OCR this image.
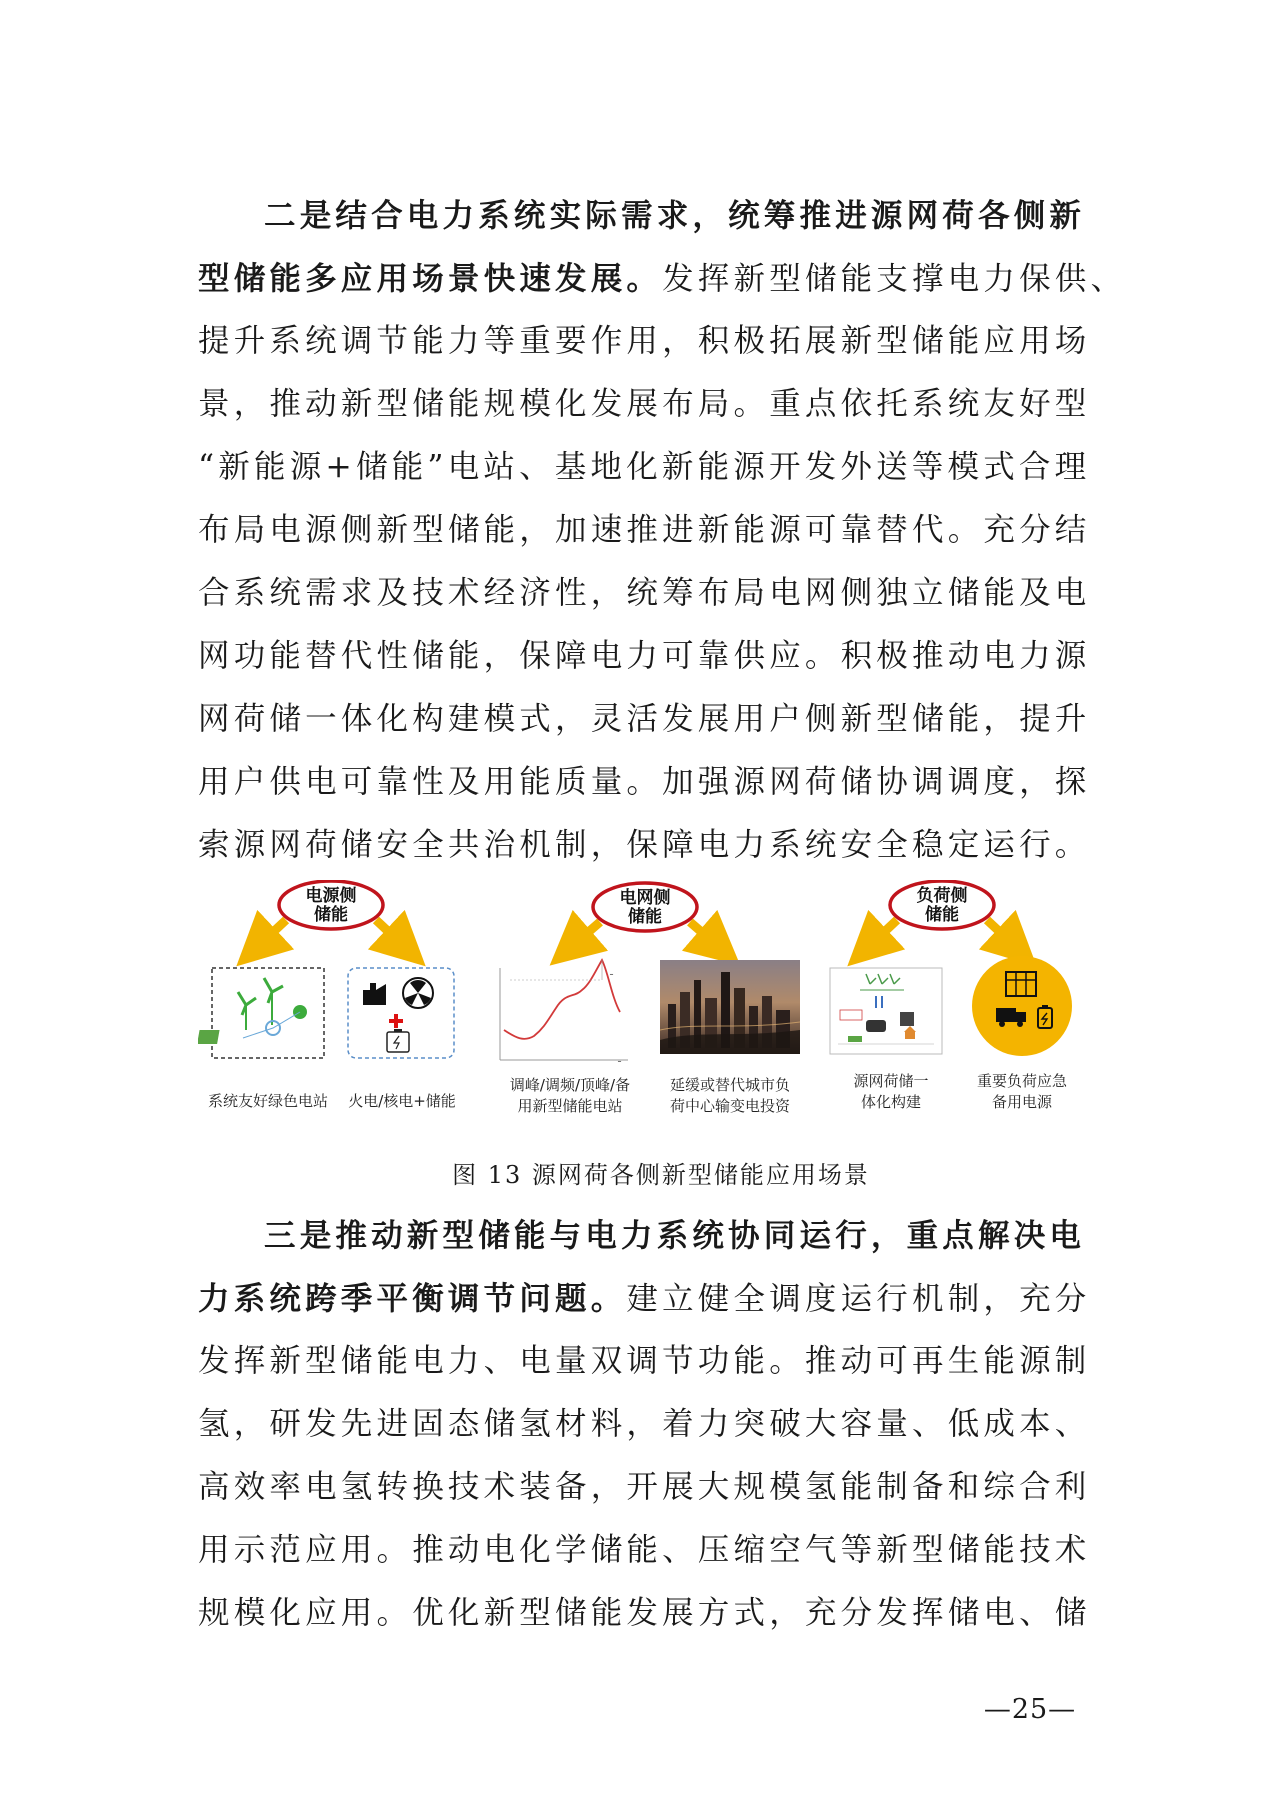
二是结合电力系统实际需求，统筹推进源网荷各侧新
型储能多应用场景快速发展。发挥新型储能支撑电力保供、
提升系统调节能力等重要作用，积极拓展新型储能应用场
景，推动新型储能规模化发展布局。重点依托系统友好型
“新能源+储能”电站、基地化新能源开发外送等模式合理
布局电源侧新型储能，加速推进新能源可靠替代。充分结
合系统需求及技术经济性，统筹布局电网侧独立储能及电
网功能替代性储能，保障电力可靠供应。积极推动电力源
网荷储一体化构建模式，灵活发展用户侧新型储能，提升
用户供电可靠性及用能质量。加强源网荷储协调调度，探
索源网荷储安全共治机制，保障电力系统安全稳定运行。
电源侧
储能
系统友好绿色电站 火电/核电+储能
电网侧
储能
━
━
调峰/调频/顶峰/备
用新型储能电站
延缓或替代城市负
荷中心输变电投资
负荷侧
储能
源网荷储一
体化构建
重要负荷应急
备用电源
图 13 源网荷各侧新型储能应用场景
三是推动新型储能与电力系统协同运行，重点解决电
力系统跨季平衡调节问题。建立健全调度运行机制，充分
发挥新型储能电力、电量双调节功能。推动可再生能源制
氢，研发先进固态储氢材料，着力突破大容量、低成本、
高效率电氢转换技术装备，开展大规模氢能制备和综合利
用示范应用。推动电化学储能、压缩空气等新型储能技术
规模化应用。优化新型储能发展方式，充分发挥储电、储
—25—
